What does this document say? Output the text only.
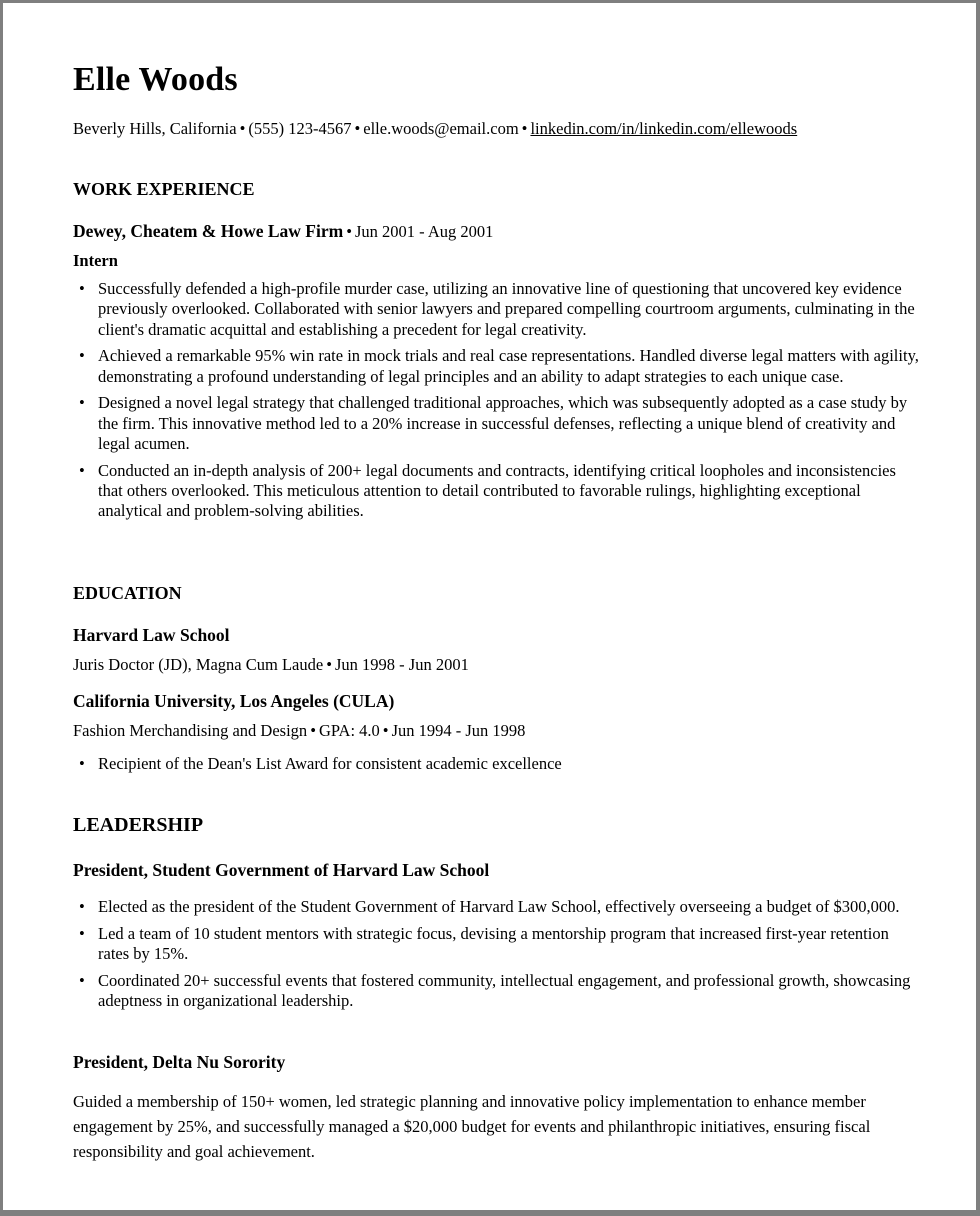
Elle Woods
Beverly Hills, California • (555) 123-4567 • elle.woods@email.com • linkedin.com/in/linkedin.com/ellewoods
WORK EXPERIENCE
Dewey, Cheatem & Howe Law Firm • Jun 2001 - Aug 2001
Intern
• Successfully defended a high-profile murder case, utilizing an innovative line of questioning that uncovered key evidence previously overlooked. Collaborated with senior lawyers and prepared compelling courtroom arguments, culminating in the client's dramatic acquittal and establishing a precedent for legal creativity.
• Achieved a remarkable 95% win rate in mock trials and real case representations. Handled diverse legal matters with agility, demonstrating a profound understanding of legal principles and an ability to adapt strategies to each unique case.
• Designed a novel legal strategy that challenged traditional approaches, which was subsequently adopted as a case study by the firm. This innovative method led to a 20% increase in successful defenses, reflecting a unique blend of creativity and legal acumen.
• Conducted an in-depth analysis of 200+ legal documents and contracts, identifying critical loopholes and inconsistencies that others overlooked. This meticulous attention to detail contributed to favorable rulings, highlighting exceptional analytical and problem-solving abilities.
EDUCATION
Harvard Law School
Juris Doctor (JD), Magna Cum Laude • Jun 1998 - Jun 2001
California University, Los Angeles (CULA)
Fashion Merchandising and Design • GPA: 4.0 • Jun 1994 - Jun 1998
• Recipient of the Dean's List Award for consistent academic excellence
LEADERSHIP
President, Student Government of Harvard Law School
• Elected as the president of the Student Government of Harvard Law School, effectively overseeing a budget of $300,000.
• Led a team of 10 student mentors with strategic focus, devising a mentorship program that increased first-year retention rates by 15%.
• Coordinated 20+ successful events that fostered community, intellectual engagement, and professional growth, showcasing adeptness in organizational leadership.
President, Delta Nu Sorority
Guided a membership of 150+ women, led strategic planning and innovative policy implementation to enhance member engagement by 25%, and successfully managed a $20,000 budget for events and philanthropic initiatives, ensuring fiscal responsibility and goal achievement.
